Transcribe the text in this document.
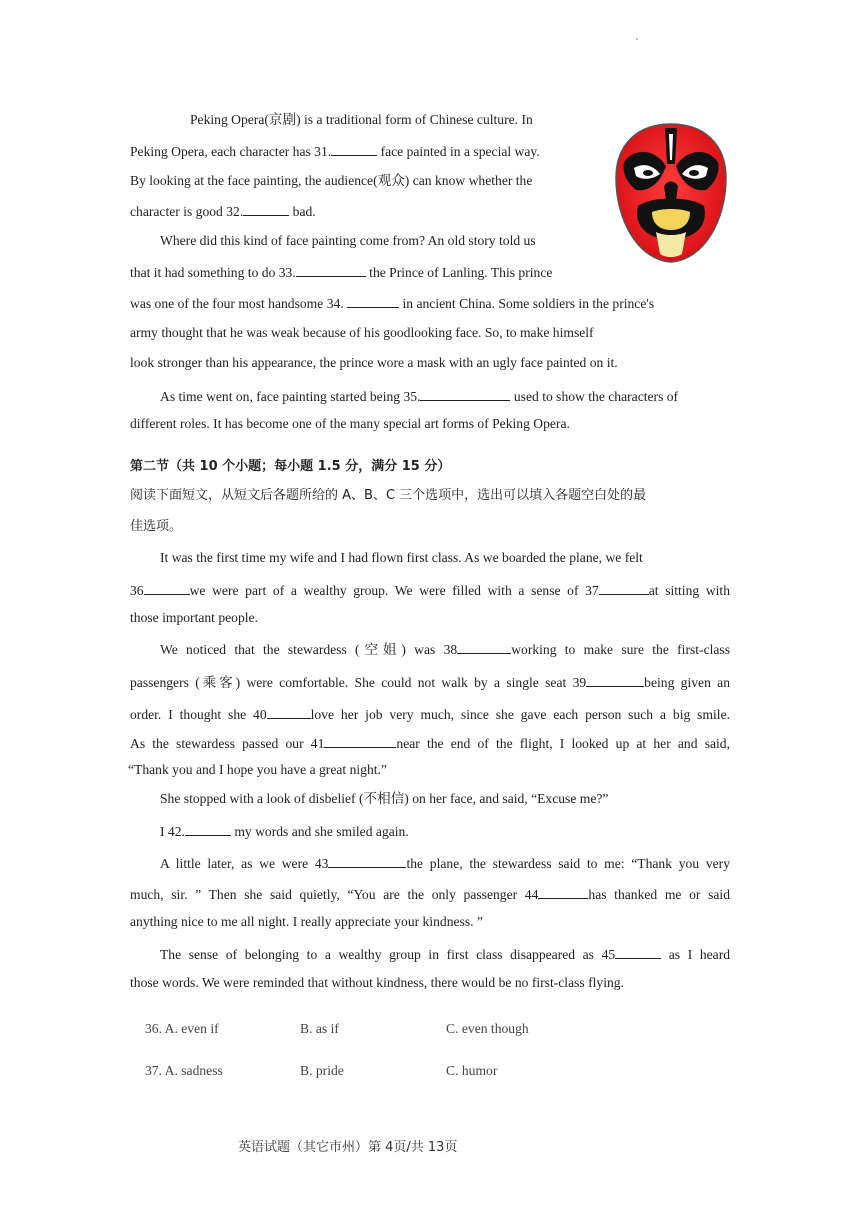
Peking Opera(京剧) is a traditional form of Chinese culture. In
Peking Opera, each character has 31.	face painted in a special way.
By looking at the face painting, the audience(观众) can know whether the
character is good 32.	bad.
Where did this kind of face painting come from? An old story told us
that it had something to do 33.	the Prince of Lanling. This prince
was one of the four most handsome 34.	in ancient China. Some soldiers in the prince's
army thought that he was weak because of his goodlooking face. So, to make himself
look stronger than his appearance, the prince wore a mask with an ugly face painted on it.
As time went on, face painting started being 35.	used to show the characters of
different roles. It has become one of the many special art forms of Peking Opera.
第二节（共 10 个小题；每小题 1.5 分，满分 15 分）
阅读下面短文，从短文后各题所给的 A、B、C 三个选项中，选出可以填入各题空白处的最
佳选项。
It was the first time my wife and I had flown first class. As we boarded the plane, we felt
36	we were part of a wealthy group. We were filled with a sense of 37	at sitting with
those important people.
We noticed that the stewardess (空姐) was 38	working to make sure the first-class
passengers (乘客) were comfortable. She could not walk by a single seat 39	being given an
order. I thought she 40	love her job very much, since she gave each person such a big smile.
As the stewardess passed our 41	near the end of the flight, I looked up at her and said,
“Thank you and I hope you have a great night.”
She stopped with a look of disbelief (不相信) on her face, and said, “Excuse me?”
I 42.	my words and she smiled again.
A little later, as we were 43	the plane, the stewardess said to me: “Thank you very
much, sir. ” Then she said quietly, “You are the only passenger 44	has thanked me or said
anything nice to me all night. I really appreciate your kindness. ”
The sense of belonging to a wealthy group in first class disappeared as 45	as I heard
those words. We were reminded that without kindness, there would be no first-class flying.
36. A. even if	B. as if	C. even though
37. A. sadness	B. pride	C. humor
英语试题（其它市州）第 4页/共 13页
